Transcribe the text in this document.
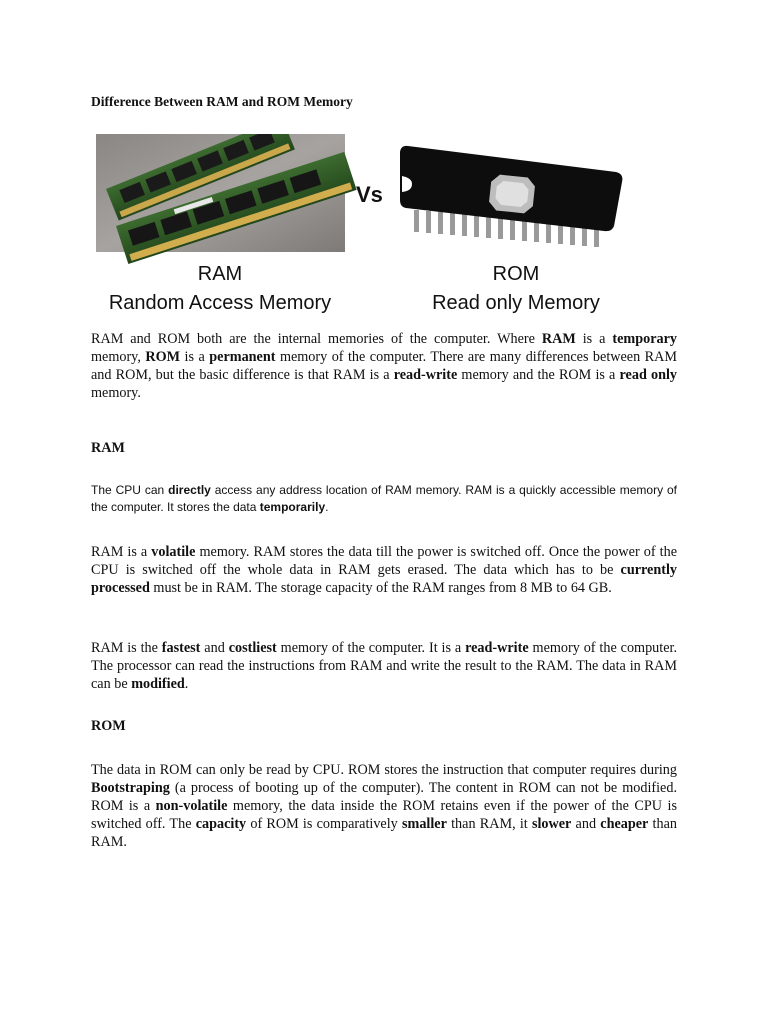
Difference Between RAM and ROM Memory
Vs
RAM
Random Access Memory
ROM
Read only Memory

RAM and ROM both are the internal memories of the computer. Where RAM is a temporary memory, ROM is a permanent memory of the computer. There are many differences between RAM and ROM, but the basic difference is that RAM is a read-write memory and the ROM is a read only memory.

RAM

The CPU can directly access any address location of RAM memory. RAM is a quickly accessible memory of the computer. It stores the data temporarily.

RAM is a volatile memory. RAM stores the data till the power is switched off. Once the power of the CPU is switched off the whole data in RAM gets erased. The data which has to be currently processed must be in RAM. The storage capacity of the RAM ranges from 8 MB to 64 GB.

RAM is the fastest and costliest memory of the computer. It is a read-write memory of the computer. The processor can read the instructions from RAM and write the result to the RAM. The data in RAM can be modified.

ROM

The data in ROM can only be read by CPU. ROM stores the instruction that computer requires during Bootstraping (a process of booting up of the computer). The content in ROM can not be modified. ROM is a non-volatile memory, the data inside the ROM retains even if the power of the CPU is switched off. The capacity of ROM is comparatively smaller than RAM, it slower and cheaper than RAM.
